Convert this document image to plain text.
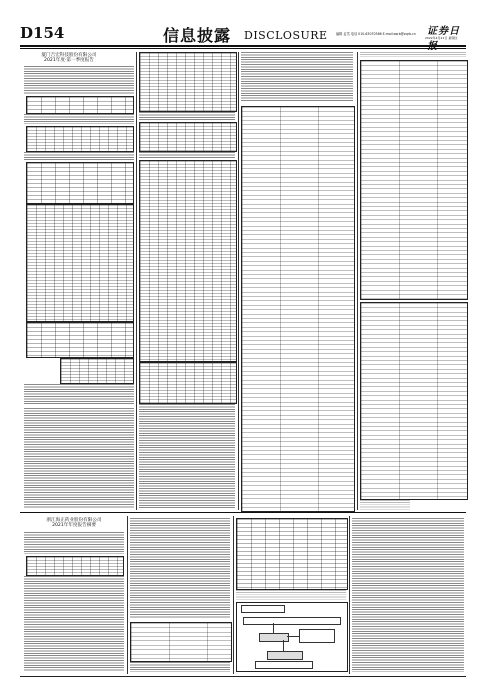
D154	信息披露 DISCLOSURE	编辑 孟雪 电话 010-63070366 E-mail:zqrb@zqrb.cn 证券日
2022年4月21日 星期四
厦门吉宏科技股份有限公司
2021年度·第一季度报告
浙江海正药业股份有限公司
2021年年度报告摘要
